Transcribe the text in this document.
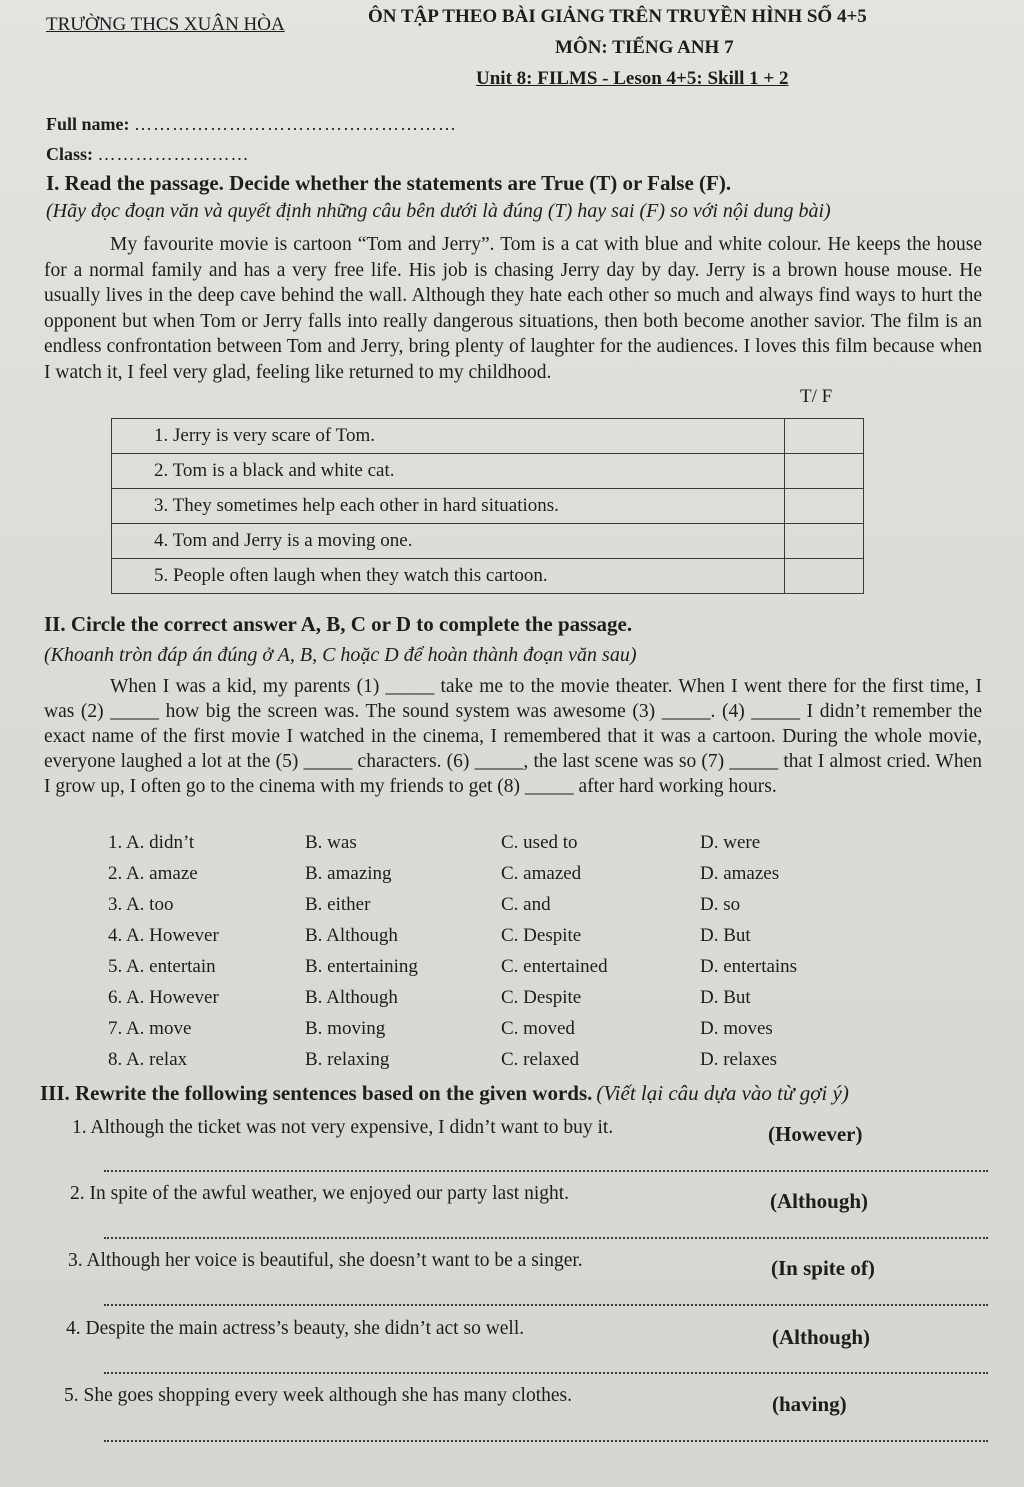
TRƯỜNG THCS XUÂN HÒA	ÔN TẬP THEO BÀI GIẢNG TRÊN TRUYỀN HÌNH SỐ 4+5
MÔN: TIẾNG ANH 7
Unit 8: FILMS - Leson 4+5: Skill 1 + 2
Full name: ……………………………………………
Class: ……………………
I. Read the passage. Decide whether the statements are True (T) or False (F).
(Hãy đọc đoạn văn và quyết định những câu bên dưới là đúng (T) hay sai (F) so với nội dung bài)
My favourite movie is cartoon “Tom and Jerry”. Tom is a cat with blue and white colour. He keeps the house for a normal family and has a very free life. His job is chasing Jerry day by day. Jerry is a brown house mouse. He usually lives in the deep cave behind the wall. Although they hate each other so much and always find ways to hurt the opponent but when Tom or Jerry falls into really dangerous situations, then both become another savior. The film is an endless confrontation between Tom and Jerry, bring plenty of laughter for the audiences. I loves this film because when I watch it, I feel very glad, feeling like returned to my childhood.
T/ F
1. Jerry is very scare of Tom.	
2. Tom is a black and white cat.	
3. They sometimes help each other in hard situations.	
4. Tom and Jerry is a moving one.	
5. People often laugh when they watch this cartoon.	
II. Circle the correct answer A, B, C or D to complete the passage.
(Khoanh tròn đáp án đúng ở A, B, C hoặc D để hoàn thành đoạn văn sau)
When I was a kid, my parents (1) _____ take me to the movie theater. When I went there for the first time, I was (2) _____ how big the screen was. The sound system was awesome (3) _____. (4) _____ I didn’t remember the exact name of the first movie I watched in the cinema, I remembered that it was a cartoon. During the whole movie, everyone laughed a lot at the (5) _____ characters. (6) _____, the last scene was so (7) _____ that I almost cried. When I grow up, I often go to the cinema with my friends to get (8) _____ after hard working hours.
1. A. didn’t	B. was	C. used to	D. were
2. A. amaze	B. amazing	C. amazed	D. amazes
3. A. too	B. either	C. and	D. so
4. A. However	B. Although	C. Despite	D. But
5. A. entertain	B. entertaining	C. entertained	D. entertains
6. A. However	B. Although	C. Despite	D. But
7. A. move	B. moving	C. moved	D. moves
8. A. relax	B. relaxing	C. relaxed	D. relaxes
III. Rewrite the following sentences based on the given words. (Viết lại câu dựa vào từ gợi ý)
1. Although the ticket was not very expensive, I didn’t want to buy it.	(However)
2. In spite of the awful weather, we enjoyed our party last night.	(Although)
3. Although her voice is beautiful, she doesn’t want to be a singer.	(In spite of)
4. Despite the main actress’s beauty, she didn’t act so well.	(Although)
5. She goes shopping every week although she has many clothes.	(having)
